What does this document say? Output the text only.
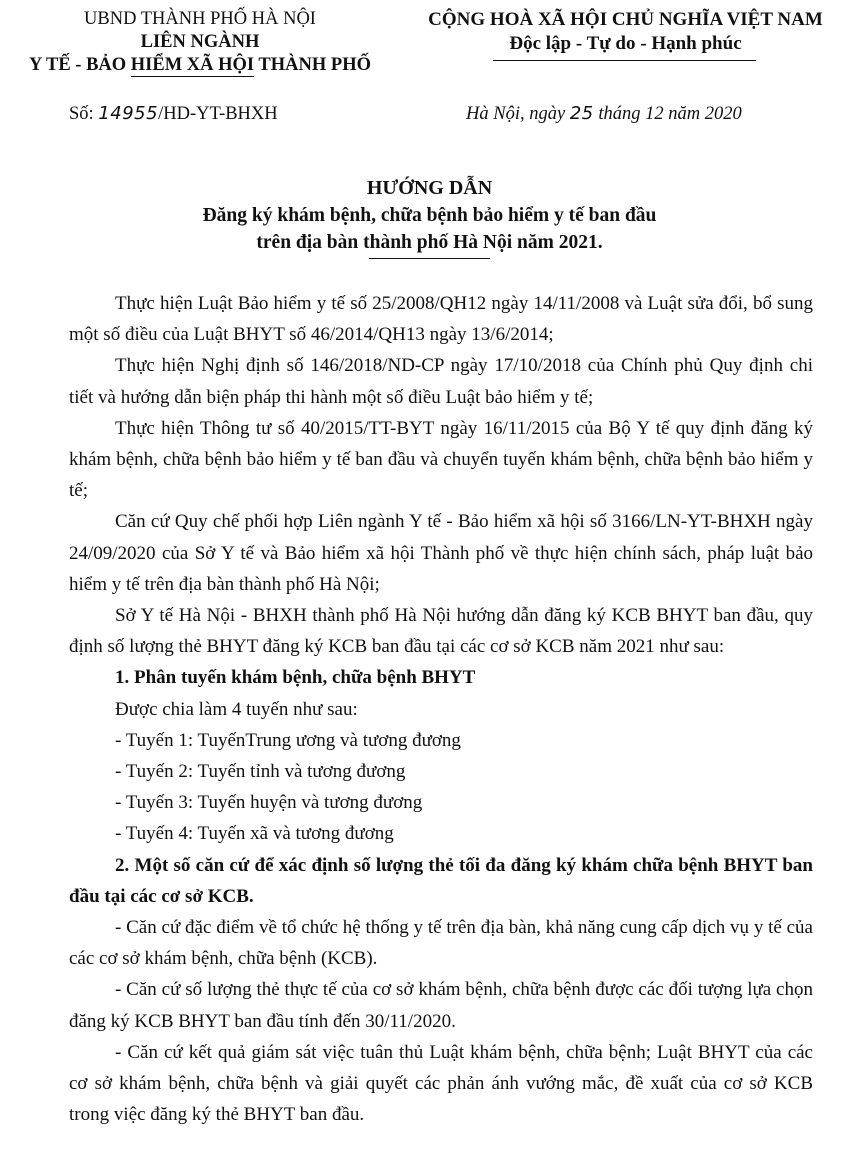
UBND THÀNH PHỐ HÀ NỘI
LIÊN NGÀNH
Y TẾ - BẢO HIỂM XÃ HỘI THÀNH PHỐ
CỘNG HOÀ XÃ HỘI CHỦ NGHĨA VIỆT NAM
Độc lập - Tự do - Hạnh phúc
Số: 14955/HD-YT-BHXH	Hà Nội, ngày 25 tháng 12 năm 2020
HƯỚNG DẪN
Đăng ký khám bệnh, chữa bệnh bảo hiểm y tế ban đầu
trên địa bàn thành phố Hà Nội năm 2021.

Thực hiện Luật Bảo hiểm y tế số 25/2008/QH12 ngày 14/11/2008 và Luật sửa đổi, bổ sung một số điều của Luật BHYT số 46/2014/QH13 ngày 13/6/2014;

Thực hiện Nghị định số 146/2018/ND-CP ngày 17/10/2018 của Chính phủ Quy định chi tiết và hướng dẫn biện pháp thi hành một số điều Luật bảo hiểm y tế;

Thực hiện Thông tư số 40/2015/TT-BYT ngày 16/11/2015 của Bộ Y tế quy định đăng ký khám bệnh, chữa bệnh bảo hiểm y tế ban đầu và chuyển tuyến khám bệnh, chữa bệnh bảo hiểm y tế;

Căn cứ Quy chế phối hợp Liên ngành Y tế - Bảo hiểm xã hội số 3166/LN-YT-BHXH ngày 24/09/2020 của Sở Y tế và Bảo hiểm xã hội Thành phố về thực hiện chính sách, pháp luật bảo hiểm y tế trên địa bàn thành phố Hà Nội;

Sở Y tế Hà Nội - BHXH thành phố Hà Nội hướng dẫn đăng ký KCB BHYT ban đầu, quy định số lượng thẻ BHYT đăng ký KCB ban đầu tại các cơ sở KCB năm 2021 như sau:

1. Phân tuyến khám bệnh, chữa bệnh BHYT

Được chia làm 4 tuyến như sau:

- Tuyến 1: TuyếnTrung ương và tương đương

- Tuyến 2: Tuyến tỉnh và tương đương

- Tuyến 3: Tuyến huyện và tương đương

- Tuyến 4: Tuyến xã và tương đương

2. Một số căn cứ để xác định số lượng thẻ tối đa đăng ký khám chữa bệnh BHYT ban đầu tại các cơ sở KCB.

- Căn cứ đặc điểm về tổ chức hệ thống y tế trên địa bàn, khả năng cung cấp dịch vụ y tế của các cơ sở khám bệnh, chữa bệnh (KCB).

- Căn cứ số lượng thẻ thực tế của cơ sở khám bệnh, chữa bệnh được các đối tượng lựa chọn đăng ký KCB BHYT ban đầu tính đến 30/11/2020.

- Căn cứ kết quả giám sát việc tuân thủ Luật khám bệnh, chữa bệnh; Luật BHYT của các cơ sở khám bệnh, chữa bệnh và giải quyết các phản ánh vướng mắc, đề xuất của cơ sở KCB trong việc đăng ký thẻ BHYT ban đầu.
